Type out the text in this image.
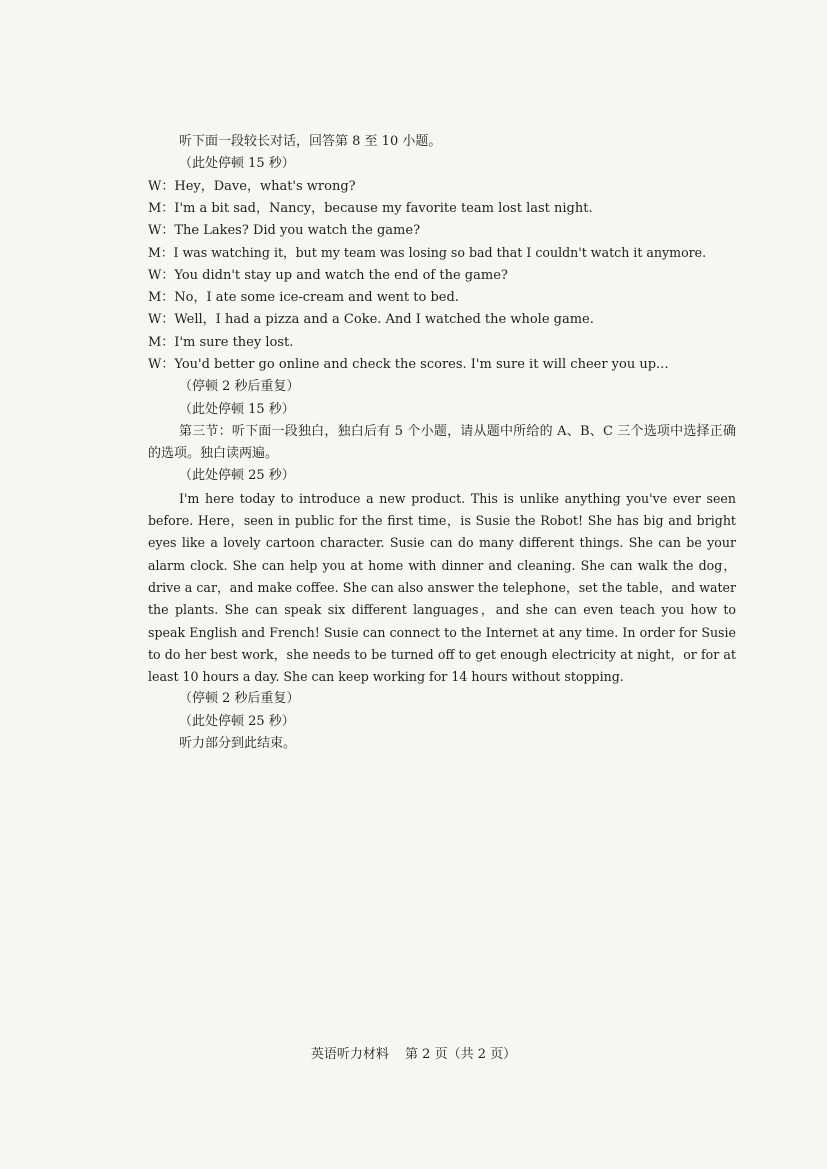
听下面一段较长对话，回答第 8 至 10 小题。

（此处停顿 15 秒）

W：Hey，Dave，what's wrong?

M：I'm a bit sad，Nancy，because my favorite team lost last night.

W：The Lakes? Did you watch the game?

M：I was watching it，but my team was losing so bad that I couldn't watch it anymore.

W：You didn't stay up and watch the end of the game?

M：No，I ate some ice-cream and went to bed.

W：Well，I had a pizza and a Coke. And I watched the whole game.

M：I'm sure they lost.

W：You'd better go online and check the scores. I'm sure it will cheer you up...

（停顿 2 秒后重复）

（此处停顿 15 秒）

第三节：听下面一段独白，独白后有 5 个小题，请从题中所给的 A、B、C 三个选项中选择正确的选项。独白读两遍。

（此处停顿 25 秒）

I'm here today to introduce a new product. This is unlike anything you've ever seen before. Here，seen in public for the first time，is Susie the Robot! She has big and bright eyes like a lovely cartoon character. Susie can do many different things. She can be your alarm clock. She can help you at home with dinner and cleaning. She can walk the dog，drive a car，and make coffee. She can also answer the telephone，set the table，and water the plants. She can speak six different languages，and she can even teach you how to speak English and French! Susie can connect to the Internet at any time. In order for Susie to do her best work，she needs to be turned off to get enough electricity at night，or for at least 10 hours a day. She can keep working for 14 hours without stopping.

（停顿 2 秒后重复）

（此处停顿 25 秒）

听力部分到此结束。

英语听力材料 第 2 页（共 2 页）
